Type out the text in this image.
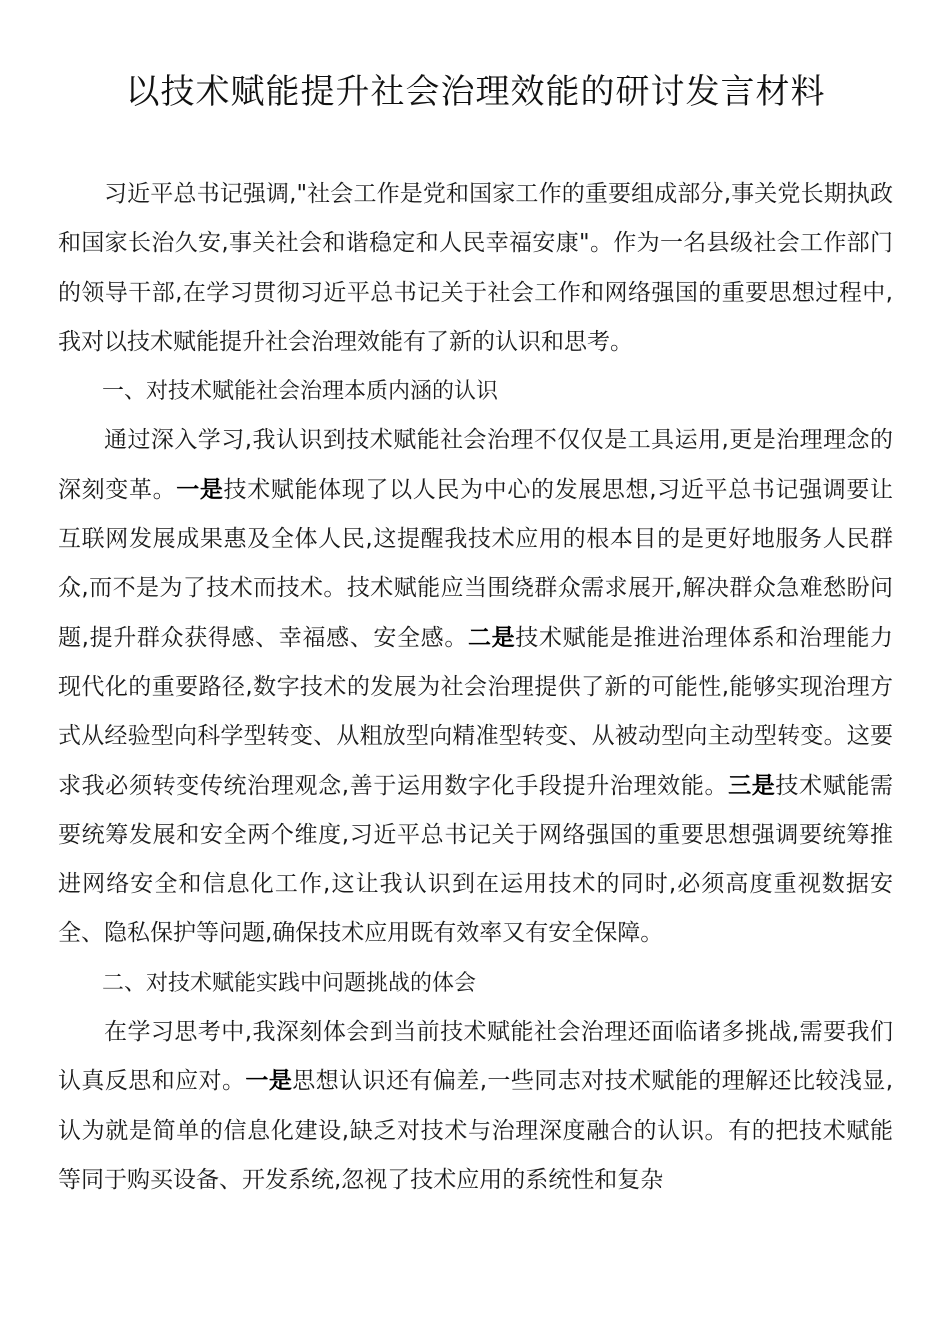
以技术赋能提升社会治理效能的研讨发言材料

习近平总书记强调,"社会工作是党和国家工作的重要组成部分,事关党长期执政和国家长治久安,事关社会和谐稳定和人民幸福安康"。作为一名县级社会工作部门的领导干部,在学习贯彻习近平总书记关于社会工作和网络强国的重要思想过程中,我对以技术赋能提升社会治理效能有了新的认识和思考。

一、对技术赋能社会治理本质内涵的认识

通过深入学习,我认识到技术赋能社会治理不仅仅是工具运用,更是治理理念的深刻变革。一是技术赋能体现了以人民为中心的发展思想,习近平总书记强调要让互联网发展成果惠及全体人民,这提醒我技术应用的根本目的是更好地服务人民群众,而不是为了技术而技术。技术赋能应当围绕群众需求展开,解决群众急难愁盼问题,提升群众获得感、幸福感、安全感。二是技术赋能是推进治理体系和治理能力现代化的重要路径,数字技术的发展为社会治理提供了新的可能性,能够实现治理方式从经验型向科学型转变、从粗放型向精准型转变、从被动型向主动型转变。这要求我必须转变传统治理观念,善于运用数字化手段提升治理效能。三是技术赋能需要统筹发展和安全两个维度,习近平总书记关于网络强国的重要思想强调要统筹推进网络安全和信息化工作,这让我认识到在运用技术的同时,必须高度重视数据安全、隐私保护等问题,确保技术应用既有效率又有安全保障。

二、对技术赋能实践中问题挑战的体会

在学习思考中,我深刻体会到当前技术赋能社会治理还面临诸多挑战,需要我们认真反思和应对。一是思想认识还有偏差,一些同志对技术赋能的理解还比较浅显,认为就是简单的信息化建设,缺乏对技术与治理深度融合的认识。有的把技术赋能等同于购买设备、开发系统,忽视了技术应用的系统性和复杂
